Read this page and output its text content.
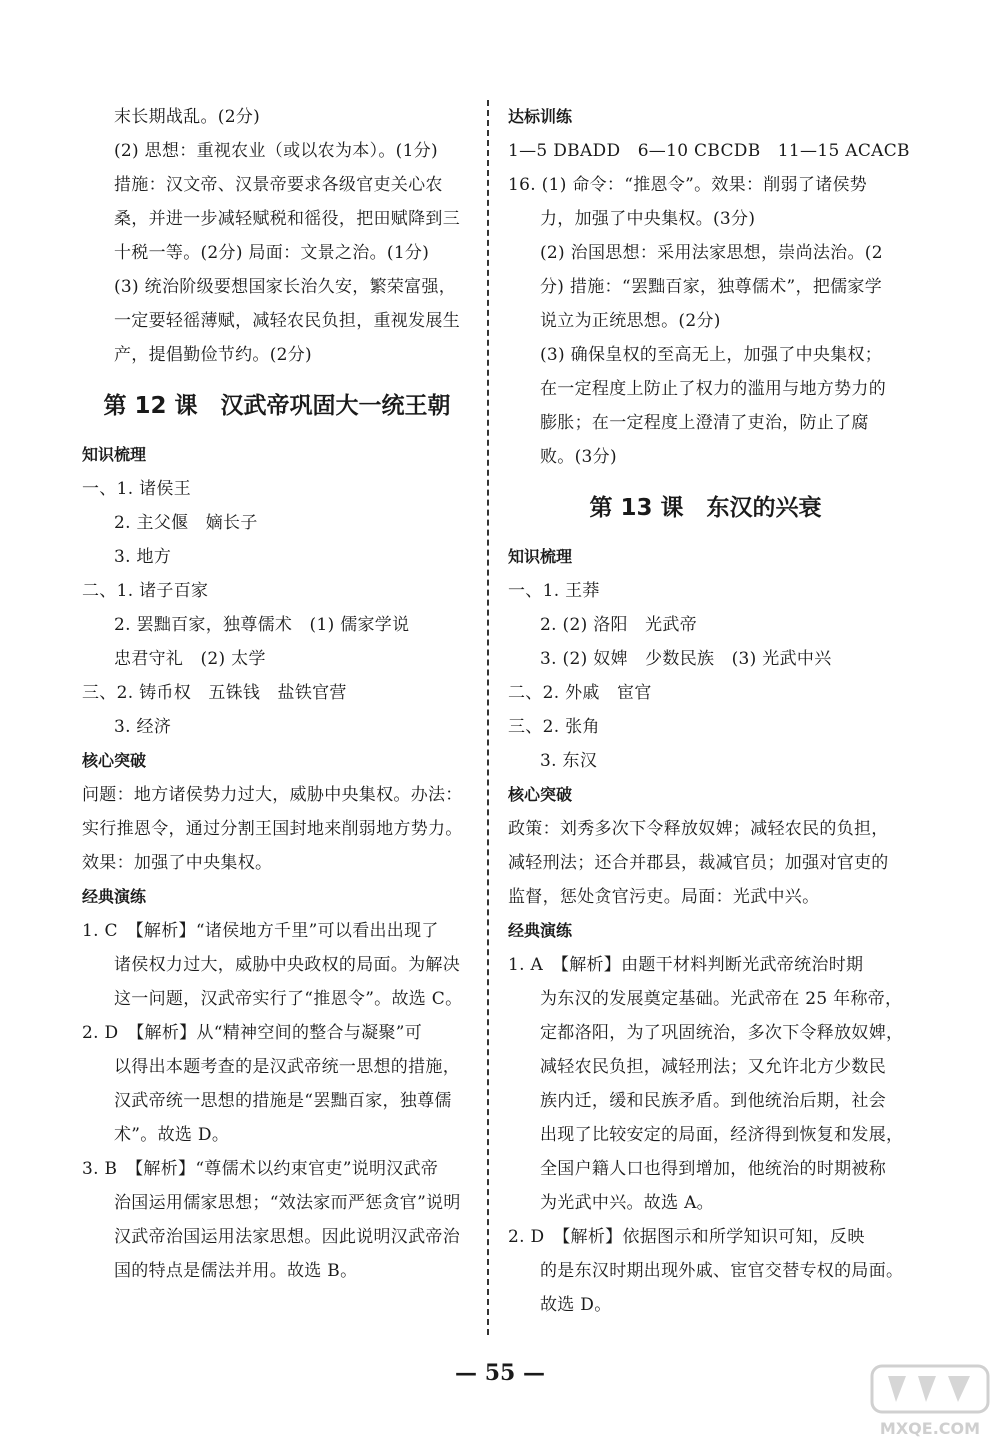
末长期战乱。(2分)
(2) 思想：重视农业（或以农为本）。(1分)
措施：汉文帝、汉景帝要求各级官吏关心农
桑，并进一步减轻赋税和徭役，把田赋降到三
十税一等。(2分) 局面：文景之治。(1分)
(3) 统治阶级要想国家长治久安，繁荣富强，
一定要轻徭薄赋，减轻农民负担，重视发展生
产，提倡勤俭节约。(2分)
第 12 课　汉武帝巩固大一统王朝
知识梳理
一、1. 诸侯王
2. 主父偃　嫡长子
3. 地方
二、1. 诸子百家
2. 罢黜百家，独尊儒术　(1) 儒家学说
忠君守礼　(2) 太学
三、2. 铸币权　五铢钱　盐铁官营
3. 经济
核心突破
问题：地方诸侯势力过大，威胁中央集权。办法：
实行推恩令，通过分割王国封地来削弱地方势力。
效果：加强了中央集权。
经典演练
1. C　【解析】“诸侯地方千里”可以看出出现了
诸侯权力过大，威胁中央政权的局面。为解决
这一问题，汉武帝实行了“推恩令”。故选 C。
2. D　【解析】从“精神空间的整合与凝聚”可
以得出本题考查的是汉武帝统一思想的措施，
汉武帝统一思想的措施是“罢黜百家，独尊儒
术”。故选 D。
3. B　【解析】“尊儒术以约束官吏”说明汉武帝
治国运用儒家思想；“效法家而严惩贪官”说明
汉武帝治国运用法家思想。因此说明汉武帝治
国的特点是儒法并用。故选 B。
达标训练
1—5 DBADD　6—10 CBCDB　11—15 ACACB
16. (1) 命令：“推恩令”。效果：削弱了诸侯势
力，加强了中央集权。(3分)
(2) 治国思想：采用法家思想，崇尚法治。(2
分) 措施：“罢黜百家，独尊儒术”，把儒家学
说立为正统思想。(2分)
(3) 确保皇权的至高无上，加强了中央集权；
在一定程度上防止了权力的滥用与地方势力的
膨胀；在一定程度上澄清了吏治，防止了腐
败。(3分)
第 13 课　东汉的兴衰
知识梳理
一、1. 王莽
2. (2) 洛阳　光武帝
3. (2) 奴婢　少数民族　(3) 光武中兴
二、2. 外戚　宦官
三、2. 张角
3. 东汉
核心突破
政策：刘秀多次下令释放奴婢；减轻农民的负担，
减轻刑法；还合并郡县，裁减官员；加强对官吏的
监督，惩处贪官污吏。局面：光武中兴。
经典演练
1. A　【解析】由题干材料判断光武帝统治时期
为东汉的发展奠定基础。光武帝在 25 年称帝，
定都洛阳，为了巩固统治，多次下令释放奴婢，
减轻农民负担，减轻刑法；又允许北方少数民
族内迁，缓和民族矛盾。到他统治后期，社会
出现了比较安定的局面，经济得到恢复和发展，
全国户籍人口也得到增加，他统治的时期被称
为光武中兴。故选 A。
2. D　【解析】依据图示和所学知识可知，反映
的是东汉时期出现外戚、宦官交替专权的局面。
故选 D。
— 55 —
MXQE.COM
